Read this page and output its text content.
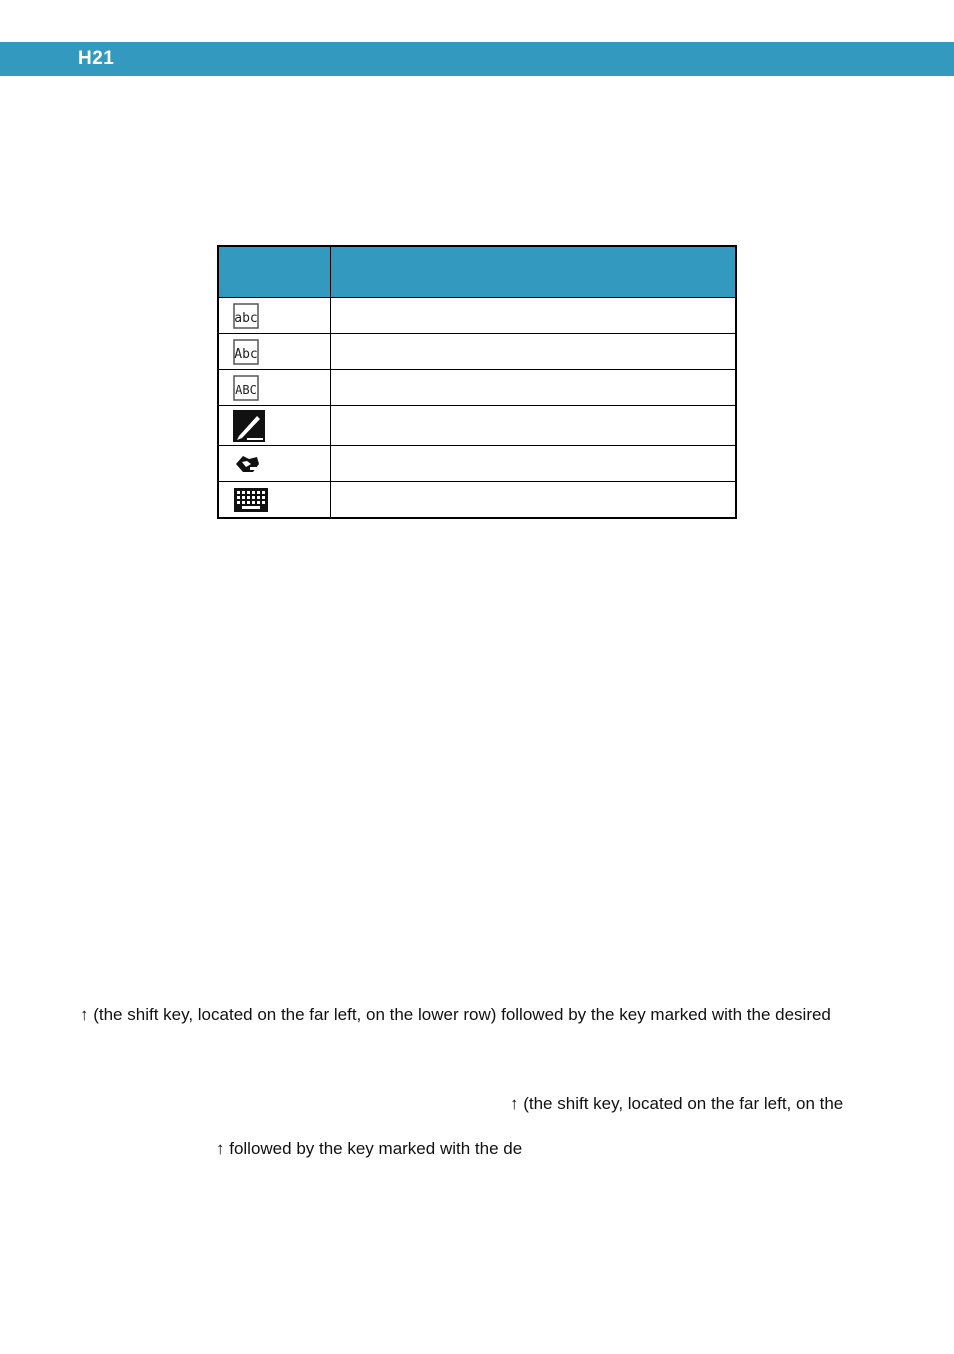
H21

abc	

Abc	

ABC	

↑ (the shift key, located on the far left, on the lower row) followed by the key marked with the desired
↑ (the shift key, located on the far left, on the
↑ followed by the key marked with the de
